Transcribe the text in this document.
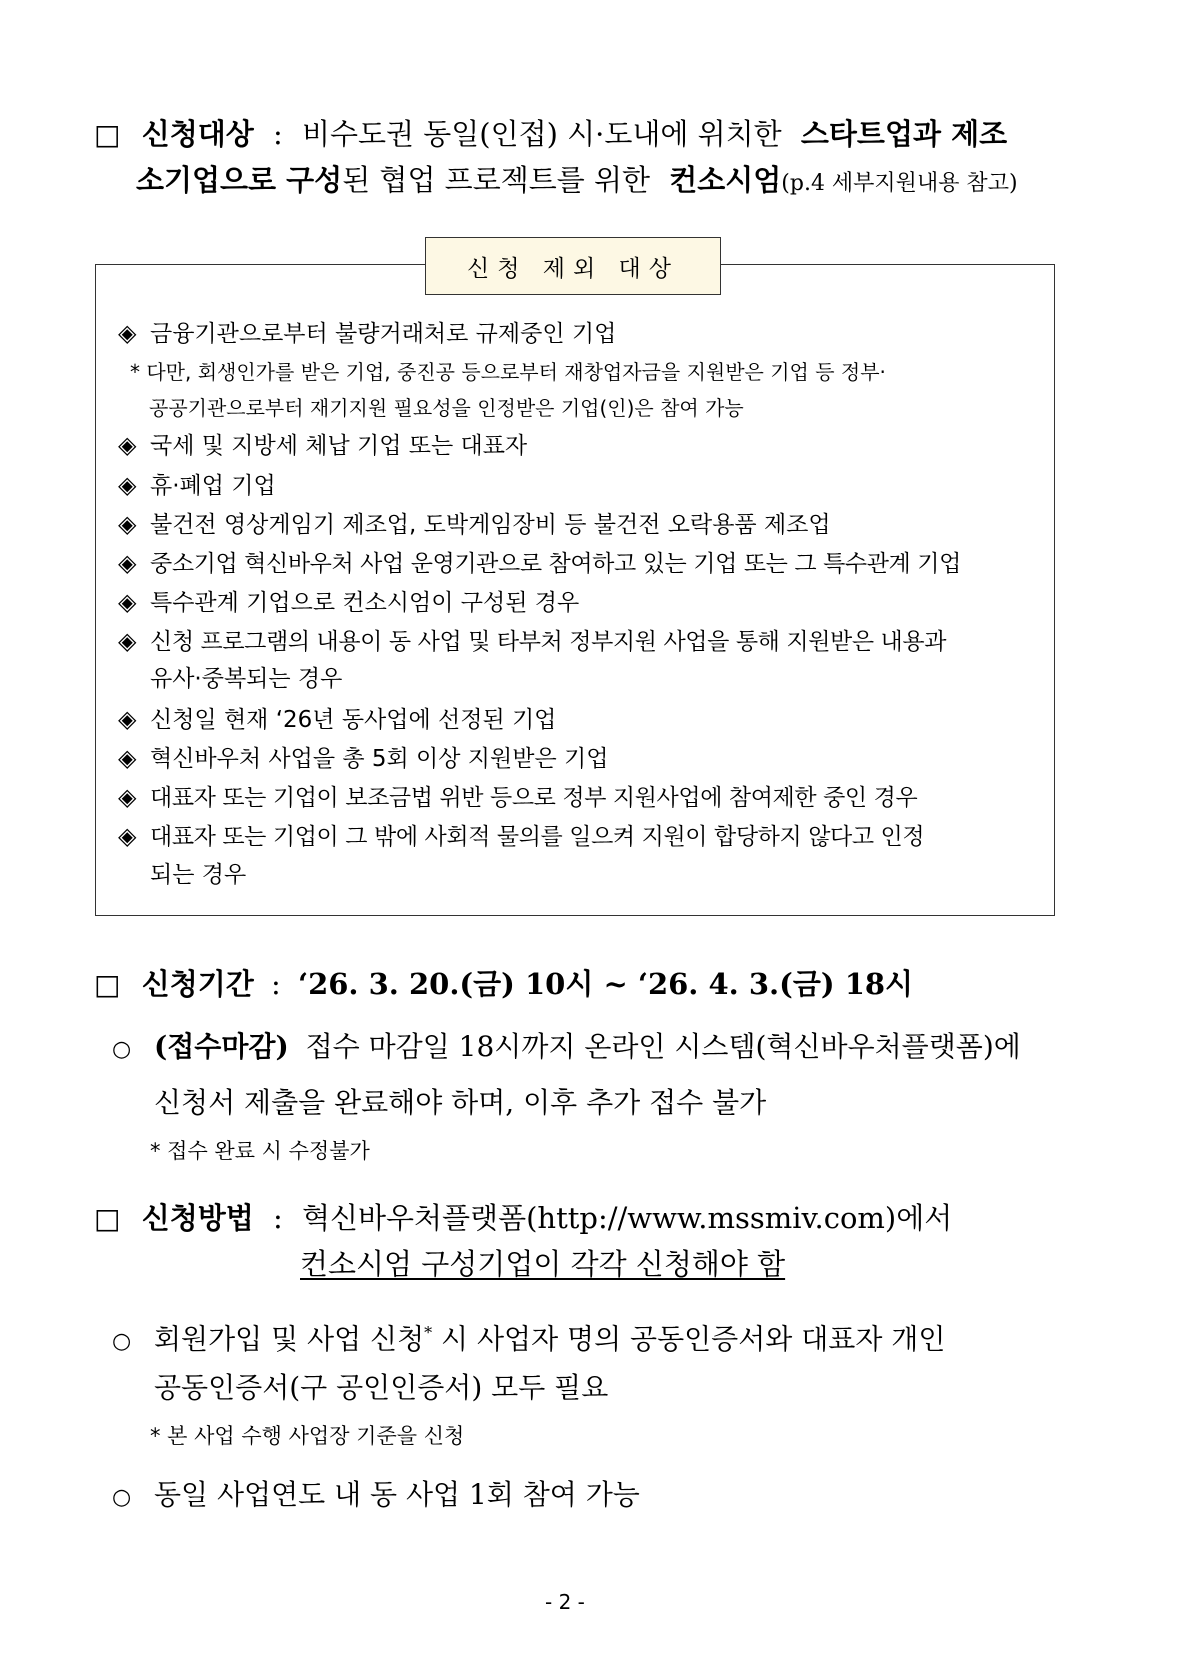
□ 신청대상 : 비수도권 동일(인접) 시·도내에 위치한 스타트업과 제조
소기업으로 구성된 협업 프로젝트를 위한 컨소시엄(p.4 세부지원내용 참고)
신청 제외 대상
◈ 금융기관으로부터 불량거래처로 규제중인 기업
* 다만, 회생인가를 받은 기업, 중진공 등으로부터 재창업자금을 지원받은 기업 등 정부·
공공기관으로부터 재기지원 필요성을 인정받은 기업(인)은 참여 가능
◈ 국세 및 지방세 체납 기업 또는 대표자
◈ 휴·폐업 기업
◈ 불건전 영상게임기 제조업, 도박게임장비 등 불건전 오락용품 제조업
◈ 중소기업 혁신바우처 사업 운영기관으로 참여하고 있는 기업 또는 그 특수관계 기업
◈ 특수관계 기업으로 컨소시엄이 구성된 경우
◈ 신청 프로그램의 내용이 동 사업 및 타부처 정부지원 사업을 통해 지원받은 내용과
유사·중복되는 경우
◈ 신청일 현재 ‘26년 동사업에 선정된 기업
◈ 혁신바우처 사업을 총 5회 이상 지원받은 기업
◈ 대표자 또는 기업이 보조금법 위반 등으로 정부 지원사업에 참여제한 중인 경우
◈ 대표자 또는 기업이 그 밖에 사회적 물의를 일으켜 지원이 합당하지 않다고 인정
되는 경우
□ 신청기간 : ‘26. 3. 20.(금) 10시 ~ ‘26. 4. 3.(금) 18시
○ (접수마감) 접수 마감일 18시까지 온라인 시스템(혁신바우처플랫폼)에
신청서 제출을 완료해야 하며, 이후 추가 접수 불가
* 접수 완료 시 수정불가
□ 신청방법 : 혁신바우처플랫폼(http://www.mssmiv.com)에서
컨소시엄 구성기업이 각각 신청해야 함
○ 회원가입 및 사업 신청* 시 사업자 명의 공동인증서와 대표자 개인
공동인증서(구 공인인증서) 모두 필요
* 본 사업 수행 사업장 기준을 신청
○ 동일 사업연도 내 동 사업 1회 참여 가능
- 2 -
